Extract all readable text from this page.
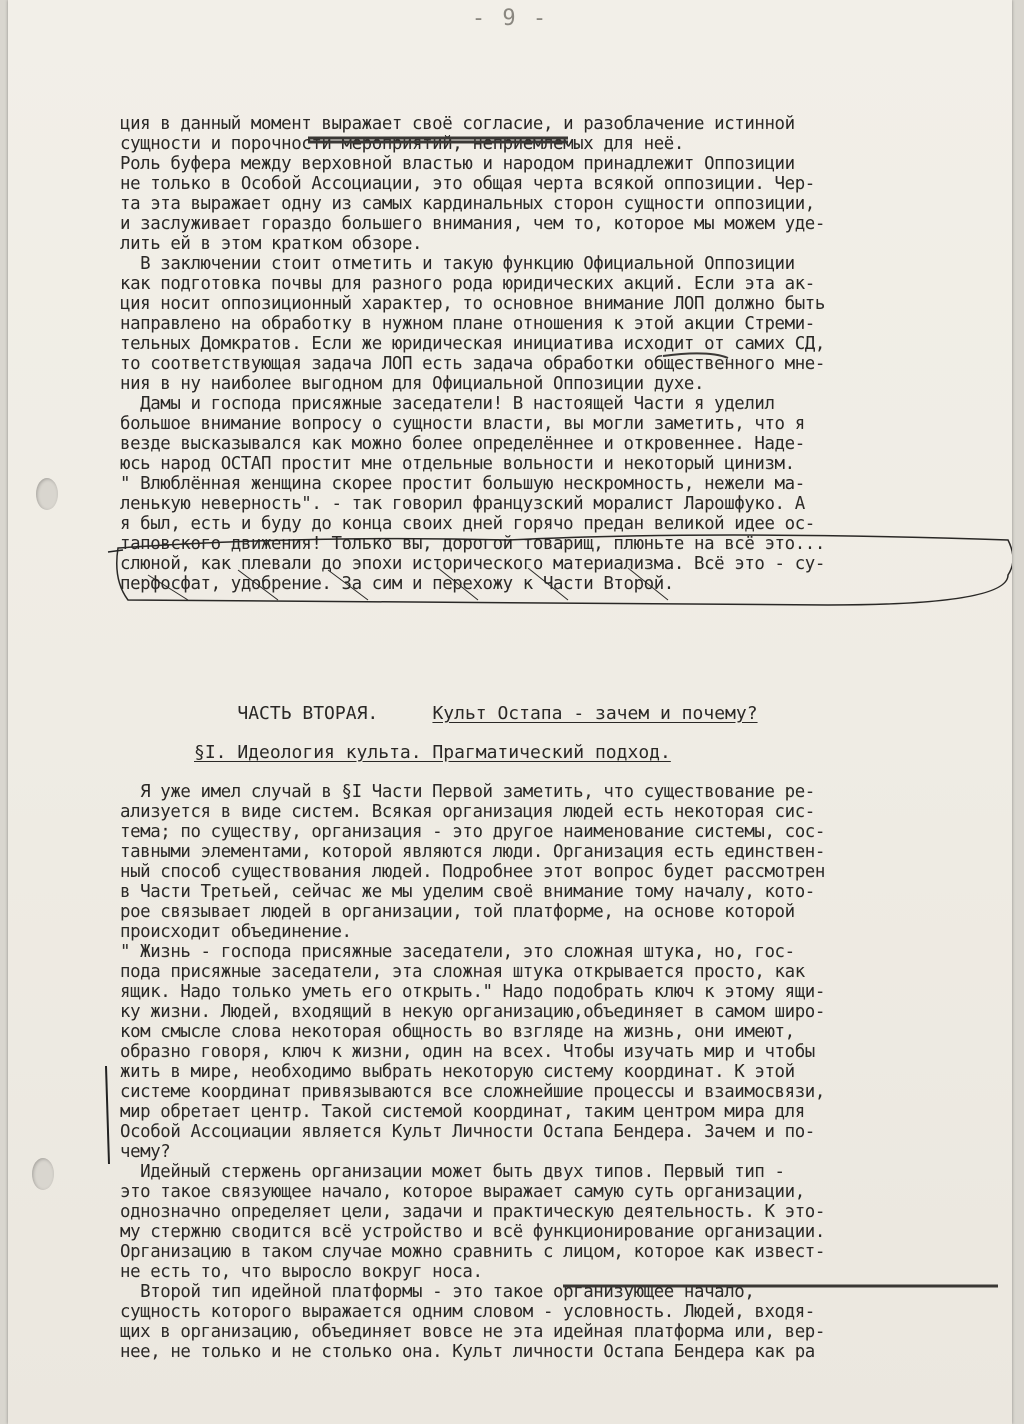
- 9 -
ция в данный момент выражает своё согласие, и разоблачение истинной
сущности и порочности мероприятий, неприемлемых для неё.
Роль буфера между верховной властью и народом принадлежит Оппозиции
не только в Особой Ассоциации, это общая черта всякой оппозиции. Чер-
та эта выражает одну из самых кардинальных сторон сущности оппозиции,
и заслуживает гораздо большего внимания, чем то, которое мы можем уде-
лить ей в этом кратком обзоре.
В заключении стоит отметить и такую функцию Официальной Оппозиции
как подготовка почвы для разного рода юридических акций. Если эта ак-
ция носит оппозиционный характер, то основное внимание ЛОП должно быть
направлено на обработку в нужном плане отношения к этой акции Стреми-
тельных Домкратов. Если же юридическая инициатива исходит от самих СД,
то соответствующая задача ЛОП есть задача обработки общественного мне-
ния в ну наиболее выгодном для Официальной Оппозиции духе.
Дамы и господа присяжные заседатели! В настоящей Части я уделил
большое внимание вопросу о сущности власти, вы могли заметить, что я
везде высказывался как можно более определённее и откровеннее. Наде-
юсь народ ОСТАП простит мне отдельные вольности и некоторый цинизм.
" Влюблённая женщина скорее простит большую нескромность, нежели ма-
ленькую неверность". - так говорил французский моралист Ларошфуко. А
я был, есть и буду до конца своих дней горячо предан великой идее ос-
таповского движения! Только вы, дорогой товарищ, плюньте на всё это...
слюной, как плевали до эпохи исторического материализма. Всё это - су-
перфосфат, удобрение. За сим и перехожу к Части Второй.

ЧАСТЬ ВТОРАЯ.	Культ Остапа - зачем и почему?

§I. Идеология культа. Прагматический подход.
Я уже имел случай в §I Части Первой заметить, что существование ре-
ализуется в виде систем. Всякая организация людей есть некоторая сис-
тема; по существу, организация - это другое наименование системы, сос-
тавными элементами, которой являются люди. Организация есть единствен-
ный способ существования людей. Подробнее этот вопрос будет рассмотрен
в Части Третьей, сейчас же мы уделим своё внимание тому началу, кото-
рое связывает людей в организации, той платформе, на основе которой
происходит объединение.
" Жизнь - господа присяжные заседатели, это сложная штука, но, гос-
пода присяжные заседатели, эта сложная штука открывается просто, как
ящик. Надо только уметь его открыть." Надо подобрать ключ к этому ящи-
ку жизни. Людей, входящий в некую организацию,объединяет в самом широ-
ком смысле слова некоторая общность во взгляде на жизнь, они имеют,
образно говоря, ключ к жизни, один на всех. Чтобы изучать мир и чтобы
жить в мире, необходимо выбрать некоторую систему координат. К этой
системе координат привязываются все сложнейшие процессы и взаимосвязи,
мир обретает центр. Такой системой координат, таким центром мира для
Особой Ассоциации является Культ Личности Остапа Бендера. Зачем и по-
чему?
Идейный стержень организации может быть двух типов. Первый тип -
это такое связующее начало, которое выражает самую суть организации,
однозначно определяет цели, задачи и практическую деятельность. К это-
му стержню сводится всё устройство и всё функционирование организации.
Организацию в таком случае можно сравнить с лицом, которое как извест-
не есть то, что выросло вокруг носа.
Второй тип идейной платформы - это такое организующее начало,
сущность которого выражается одним словом - условность. Людей, входя-
щих в организацию, объединяет вовсе не эта идейная платформа или, вер-
нее, не только и не столько она. Культ личности Остапа Бендера как ра
